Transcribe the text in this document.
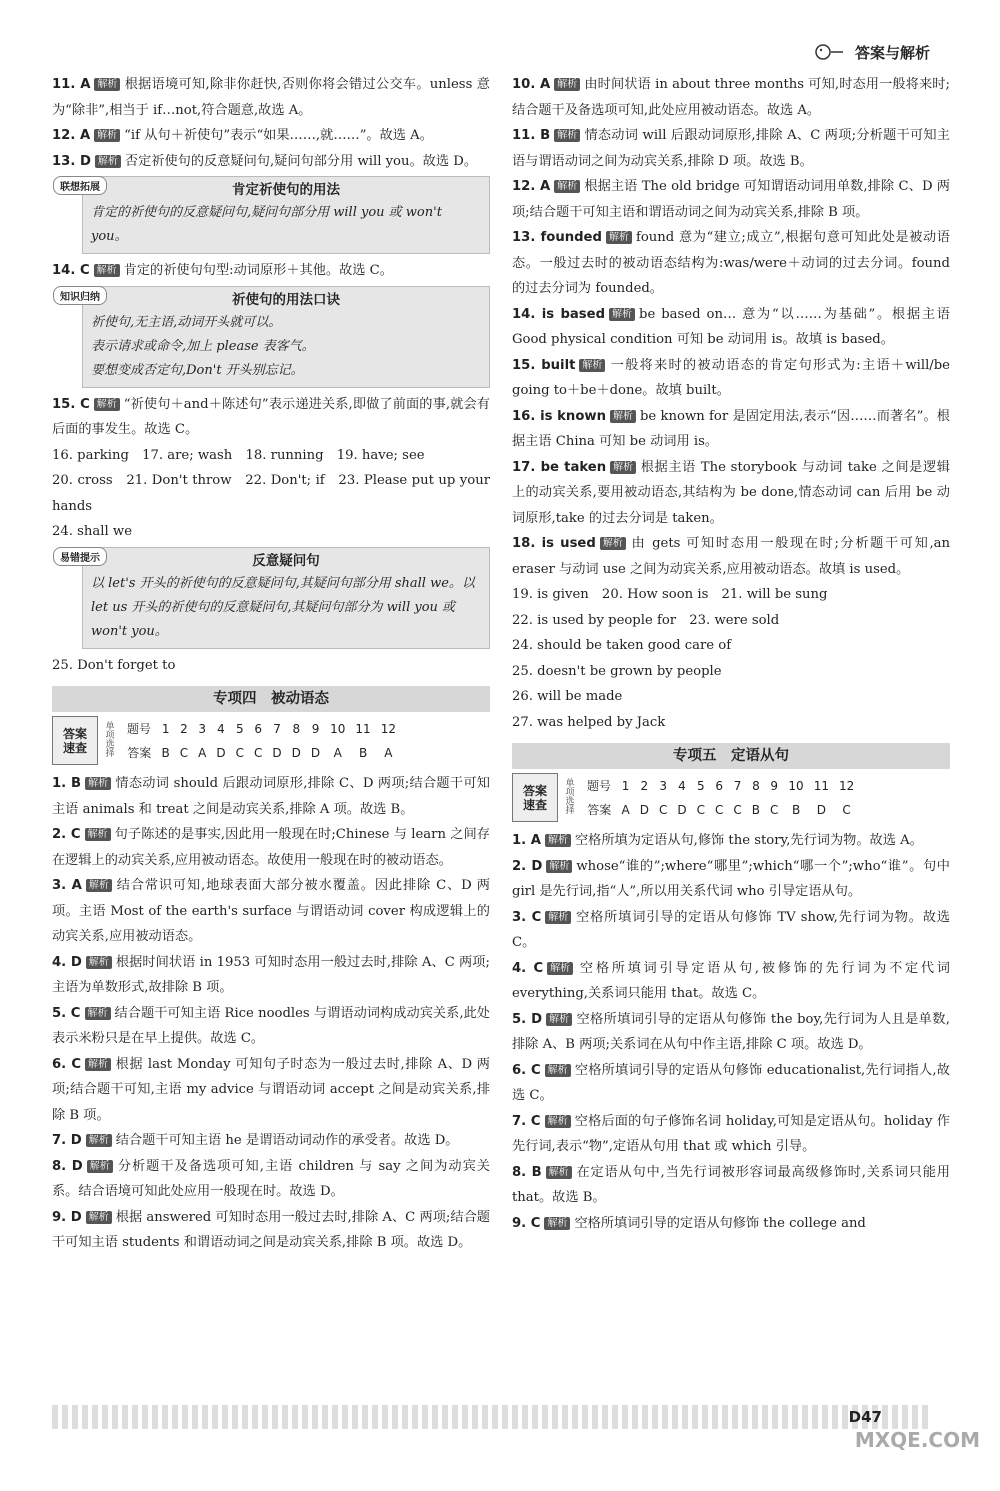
答案与解析
11. A 解析 根据语境可知,除非你赶快,否则你将会错过公交车。unless 意为“除非”,相当于 if…not,符合题意,故选 A。
12. A 解析 “if 从句＋祈使句”表示“如果……,就……”。故选 A。
13. D 解析 否定祈使句的反意疑问句,疑问句部分用 will you。故选 D。
联想拓展	肯定祈使句的用法
肯定的祈使句的反意疑问句,疑问句部分用 will you 或 won't you。
14. C 解析 肯定的祈使句句型:动词原形＋其他。故选 C。
知识归纳	祈使句的用法口诀
祈使句,无主语,动词开头就可以。
表示请求或命令,加上 please 表客气。
要想变成否定句,Don't 开头别忘记。
15. C 解析 “祈使句＋and＋陈述句”表示递进关系,即做了前面的事,就会有后面的事发生。故选 C。
16. parking　17. are; wash　18. running　19. have; see
20. cross　21. Don't throw　22. Don't; if　23. Please put up your hands
24. shall we
易错提示	反意疑问句
以 let's 开头的祈使句的反意疑问句,其疑问句部分用 shall we。以 let us 开头的祈使句的反意疑问句,其疑问句部分为 will you 或 won't you。
25. Don't forget to
专项四　被动语态
答案速查	单项选择	题号	1	2	3	4	5	6	7	8	9	10	11	12
		答案	B	C	A	D	C	C	D	D	D	A	B	A
1. B 解析 情态动词 should 后跟动词原形,排除 C、D 两项;结合题干可知主语 animals 和 treat 之间是动宾关系,排除 A 项。故选 B。
2. C 解析 句子陈述的是事实,因此用一般现在时;Chinese 与 learn 之间存在逻辑上的动宾关系,应用被动语态。故使用一般现在时的被动语态。
3. A 解析 结合常识可知,地球表面大部分被水覆盖。因此排除 C、D 两项。主语 Most of the earth's surface 与谓语动词 cover 构成逻辑上的动宾关系,应用被动语态。
4. D 解析 根据时间状语 in 1953 可知时态用一般过去时,排除 A、C 两项;主语为单数形式,故排除 B 项。
5. C 解析 结合题干可知主语 Rice noodles 与谓语动词构成动宾关系,此处表示米粉只是在早上提供。故选 C。
6. C 解析 根据 last Monday 可知句子时态为一般过去时,排除 A、D 两项;结合题干可知,主语 my advice 与谓语动词 accept 之间是动宾关系,排除 B 项。
7. D 解析 结合题干可知主语 he 是谓语动词动作的承受者。故选 D。
8. D 解析 分析题干及备选项可知,主语 children 与 say 之间为动宾关系。结合语境可知此处应用一般现在时。故选 D。
9. D 解析 根据 answered 可知时态用一般过去时,排除 A、C 两项;结合题干可知主语 students 和谓语动词之间是动宾关系,排除 B 项。故选 D。
10. A 解析 由时间状语 in about three months 可知,时态用一般将来时;结合题干及备选项可知,此处应用被动语态。故选 A。
11. B 解析 情态动词 will 后跟动词原形,排除 A、C 两项;分析题干可知主语与谓语动词之间为动宾关系,排除 D 项。故选 B。
12. A 解析 根据主语 The old bridge 可知谓语动词用单数,排除 C、D 两项;结合题干可知主语和谓语动词之间为动宾关系,排除 B 项。
13. founded 解析 found 意为“建立;成立”,根据句意可知此处是被动语态。一般过去时的被动语态结构为:was/were＋动词的过去分词。found 的过去分词为 founded。
14. is based 解析 be based on… 意为“以……为基础”。根据主语 Good physical condition 可知 be 动词用 is。故填 is based。
15. built 解析 一般将来时的被动语态的肯定句形式为:主语＋will/be going to＋be＋done。故填 built。
16. is known 解析 be known for 是固定用法,表示“因……而著名”。根据主语 China 可知 be 动词用 is。
17. be taken 解析 根据主语 The storybook 与动词 take 之间是逻辑上的动宾关系,要用被动语态,其结构为 be done,情态动词 can 后用 be 动词原形,take 的过去分词是 taken。
18. is used 解析 由 gets 可知时态用一般现在时;分析题干可知,an eraser 与动词 use 之间为动宾关系,应用被动语态。故填 is used。
19. is given　20. How soon is　21. will be sung
22. is used by people for　23. were sold
24. should be taken good care of
25. doesn't be grown by people
26. will be made
27. was helped by Jack
专项五　定语从句
答案速查	单项选择	题号	1	2	3	4	5	6	7	8	9	10	11	12
		答案	A	D	C	D	C	C	C	B	C	B	D	C
1. A 解析 空格所填为定语从句,修饰 the story,先行词为物。故选 A。
2. D 解析 whose“谁的”;where“哪里”;which“哪一个”;who“谁”。句中 girl 是先行词,指“人”,所以用关系代词 who 引导定语从句。
3. C 解析 空格所填词引导的定语从句修饰 TV show,先行词为物。故选 C。
4. C 解析 空格所填词引导定语从句,被修饰的先行词为不定代词 everything,关系词只能用 that。故选 C。
5. D 解析 空格所填词引导的定语从句修饰 the boy,先行词为人且是单数,排除 A、B 两项;关系词在从句中作主语,排除 C 项。故选 D。
6. C 解析 空格所填词引导的定语从句修饰 educationalist,先行词指人,故选 C。
7. C 解析 空格后面的句子修饰名词 holiday,可知是定语从句。holiday 作先行词,表示“物”,定语从句用 that 或 which 引导。
8. B 解析 在定语从句中,当先行词被形容词最高级修饰时,关系词只能用 that。故选 B。
9. C 解析 空格所填词引导的定语从句修饰 the college and
D47
MXQE.COM
